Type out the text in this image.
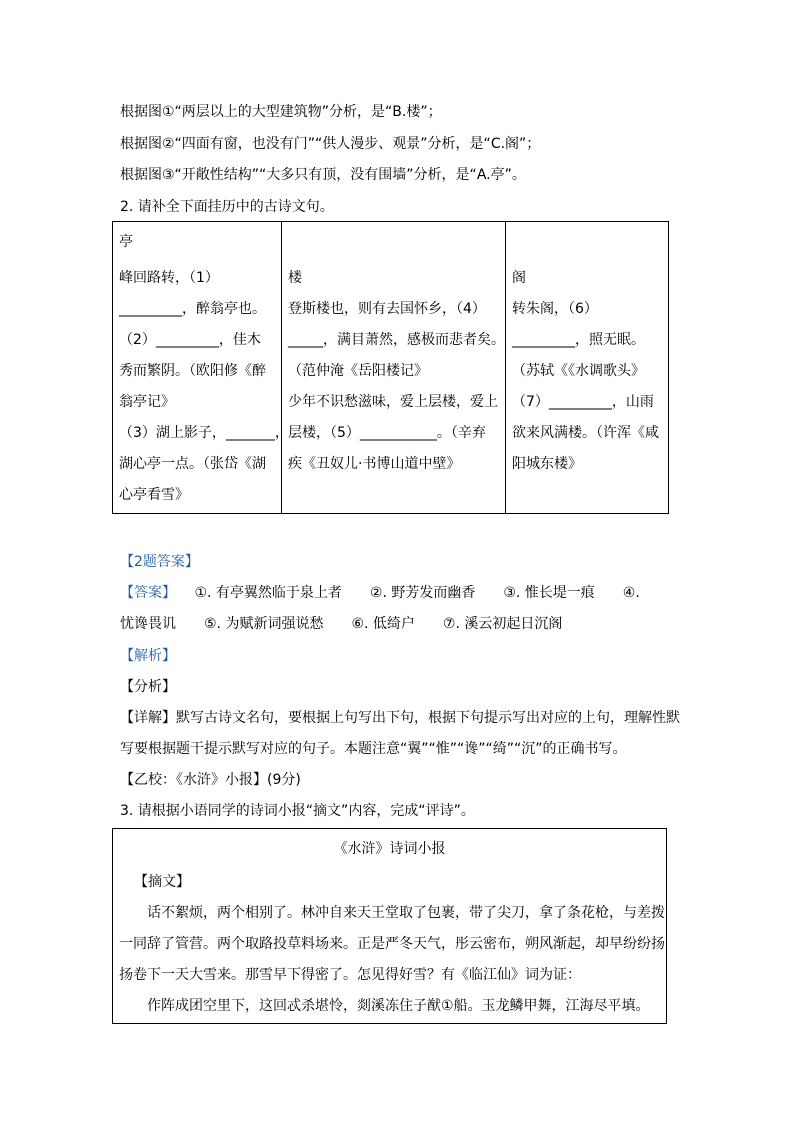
根据图①“两层以上的大型建筑物”分析，是“B.楼”；
根据图②“四面有窗，也没有门”“供人漫步、观景”分析，是“C.阁”；
根据图③“开敞性结构”“大多只有顶，没有围墙”分析，是“A.亭”。
2. 请补全下面挂历中的古诗文句。
亭
峰回路转，（1）
_________，醉翁亭也。
（2）_________，佳木
秀而繁阴。（欧阳修《醉
翁亭记》
（3）湖上影子，_______，
湖心亭一点。（张岱《湖
心亭看雪》

楼
登斯楼也，则有去国怀乡，（4）
_____，满目萧然，感极而悲者矣。
（范仲淹《岳阳楼记》
少年不识愁滋味，爱上层楼，爱上
层楼，（5）___________。（辛弃
疾《丑奴儿·书博山道中壁》

阁
转朱阁，（6）
_________，照无眠。
（苏轼《《水调歌头》
（7）_________，山雨
欲来风满楼。（许浑《咸
阳城东楼》
【2题答案】
【答案】 ①. 有亭翼然临于泉上者　　②. 野芳发而幽香　　③. 惟长堤一痕　　④.
忧谗畏讥　　⑤. 为赋新词强说愁　　⑥. 低绮户　　⑦. 溪云初起日沉阁
【解析】
【分析】
【详解】默写古诗文名句，要根据上句写出下句，根据下句提示写出对应的上句，理解性默
写要根据题干提示默写对应的句子。本题注意“翼”“惟”“谗”“绮”“沉”的正确书写。
【乙校：《水浒》小报】(9分)
3. 请根据小语同学的诗词小报“摘文”内容，完成“评诗”。
《水浒》诗词小报
【摘文】
话不絮烦，两个相别了。林冲自来天王堂取了包裹，带了尖刀，拿了条花枪，与差拨
一同辞了管营。两个取路投草料场来。正是严冬天气，彤云密布，朔风渐起，却早纷纷扬
扬卷下一天大雪来。那雪早下得密了。怎见得好雪？有《临江仙》词为证：
作阵成团空里下，这回忒杀堪怜，剡溪冻住子猷①船。玉龙鳞甲舞，江海尽平填。
